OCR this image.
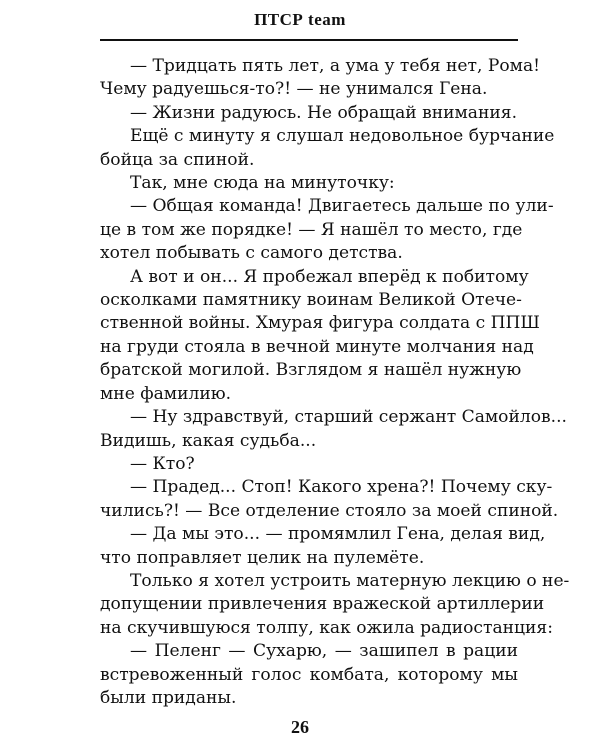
ПТСР team
— Тридцать пять лет, а ума у тебя нет, Рома!
Чему радуешься-то?! — не унимался Гена.
— Жизни радуюсь. Не обращай внимания.
Ещё с минуту я слушал недовольное бурчание
бойца за спиной.
Так, мне сюда на минуточку:
— Общая команда! Двигаетесь дальше по ули-
це в том же порядке! — Я нашёл то место, где
хотел побывать с самого детства.
А вот и он... Я пробежал вперёд к побитому
осколками памятнику воинам Великой Отече-
ственной войны. Хмурая фигура солдата с ППШ
на груди стояла в вечной минуте молчания над
братской могилой. Взглядом я нашёл нужную
мне фамилию.
— Ну здравствуй, старший сержант Самойлов...
Видишь, какая судьба...
— Кто?
— Прадед... Стоп! Какого хрена?! Почему ску-
чились?! — Все отделение стояло за моей спиной.
— Да мы это... — промямлил Гена, делая вид,
что поправляет целик на пулемёте.
Только я хотел устроить матерную лекцию о не-
допущении привлечения вражеской артиллерии
на скучившуюся толпу, как ожила радиостанция:
— Пеленг — Сухарю, — зашипел в рации
встревоженный голос комбата, которому мы
были приданы.
26
